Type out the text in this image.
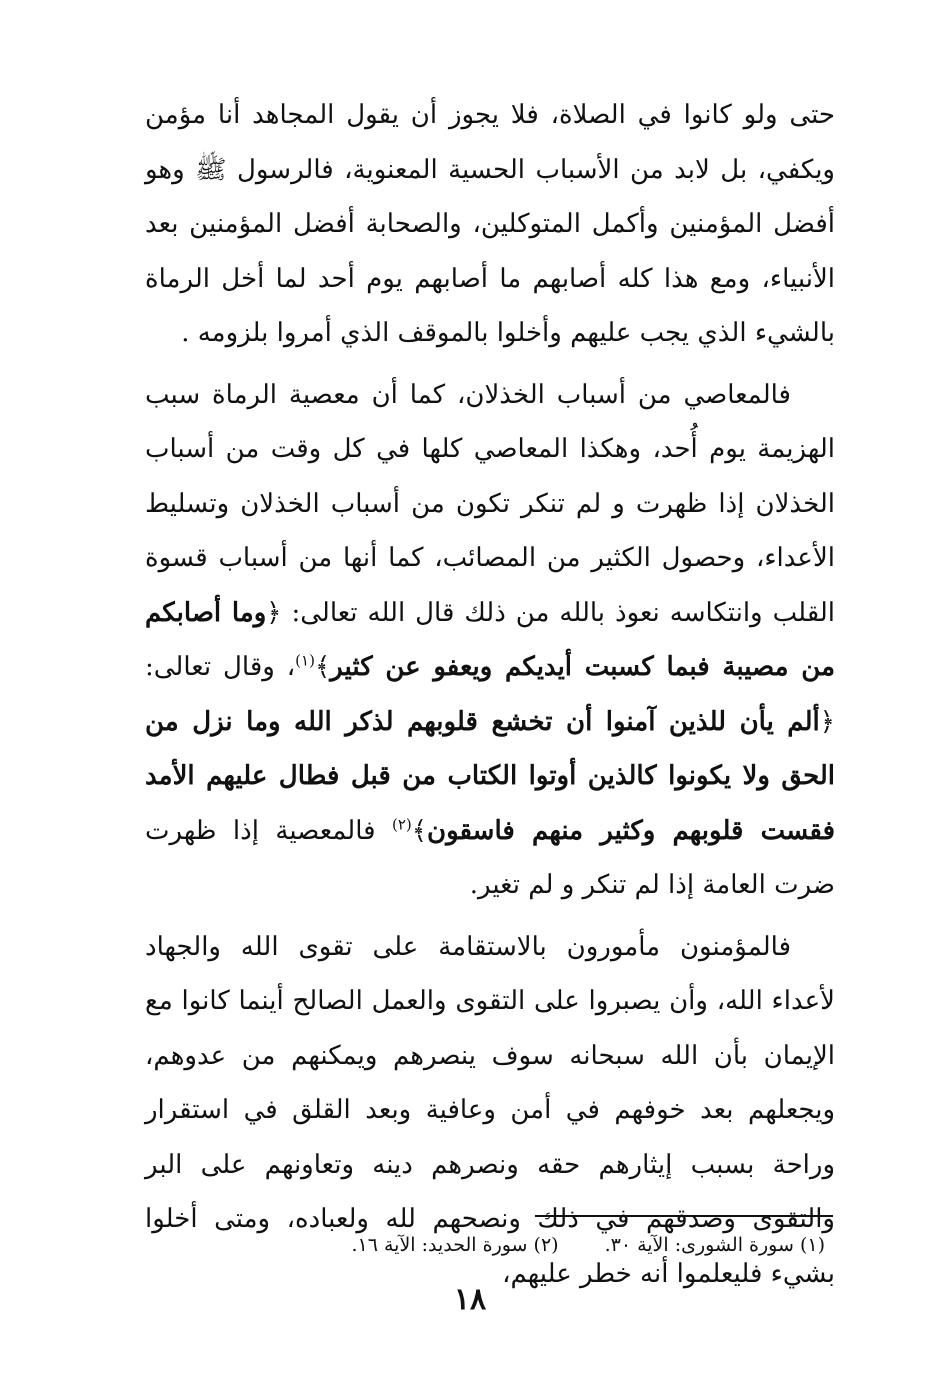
حتى ولو كانوا في الصلاة، فلا يجوز أن يقول المجاهد أنا مؤمن ويكفي، بل لابد من الأسباب الحسية المعنوية، فالرسول ﷺ وهو أفضل المؤمنين وأكمل المتوكلين، والصحابة أفضل المؤمنين بعد الأنبياء، ومع هذا كله أصابهم ما أصابهم يوم أحد لما أخل الرماة بالشيء الذي يجب عليهم وأخلوا بالموقف الذي أمروا بلزومه .

فالمعاصي من أسباب الخذلان، كما أن معصية الرماة سبب الهزيمة يوم أُحد، وهكذا المعاصي كلها في كل وقت من أسباب الخذلان إذا ظهرت و لم تنكر تكون من أسباب الخذلان وتسليط الأعداء، وحصول الكثير من المصائب، كما أنها من أسباب قسوة القلب وانتكاسه نعوذ بالله من ذلك قال الله تعالى: ﴿وما أصابكم من مصيبة فبما كسبت أيديكم ويعفو عن كثير﴾$^{(١)}$، وقال تعالى: ﴿ألم يأن للذين آمنوا أن تخشع قلوبهم لذكر الله وما نزل من الحق ولا يكونوا كالذين أوتوا الكتاب من قبل فطال عليهم الأمد فقست قلوبهم وكثير منهم فاسقون﴾$^{(٢)}$ فالمعصية إذا ظهرت ضرت العامة إذا لم تنكر و لم تغير.

فالمؤمنون مأمورون بالاستقامة على تقوى الله والجهاد لأعداء الله، وأن يصبروا على التقوى والعمل الصالح أينما كانوا مع الإيمان بأن الله سبحانه سوف ينصرهم ويمكنهم من عدوهم، ويجعلهم بعد خوفهم في أمن وعافية وبعد القلق في استقرار وراحة بسبب إيثارهم حقه ونصرهم دينه وتعاونهم على البر والتقوى وصدقهم في ذلك ونصحهم لله ولعباده، ومتى أخلوا بشيء فليعلموا أنه خطر عليهم،

(١) سورة الشورى: الآية ٣٠.
(٢) سورة الحديد: الآية ١٦.
١٨
